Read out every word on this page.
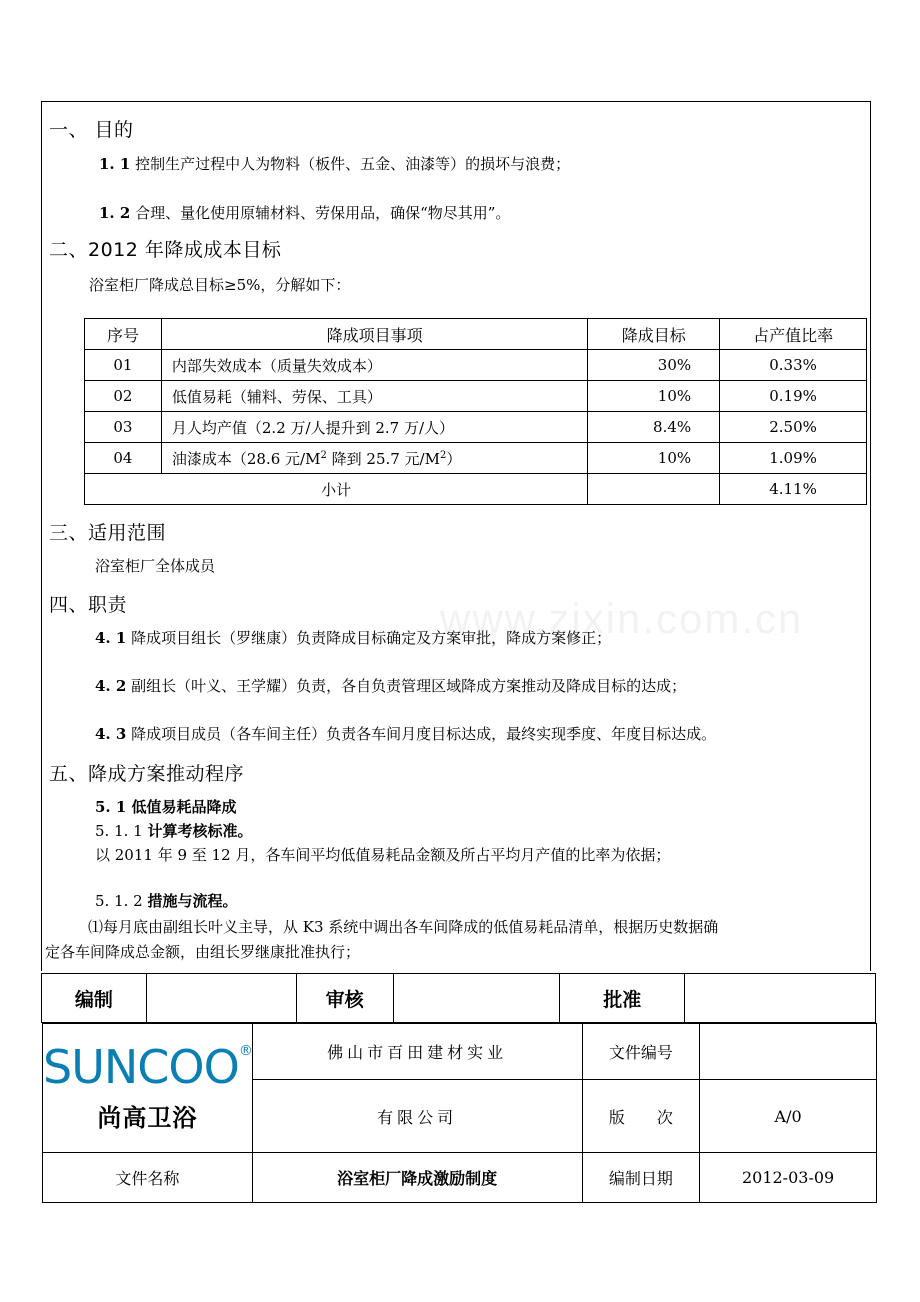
www.zixin.com.cn
一、 目的
1. 1 控制生产过程中人为物料（板件、五金、油漆等）的损坏与浪费；
1. 2 合理、量化使用原辅材料、劳保用品，确保“物尽其用”。
二、2012 年降成成本目标
浴室柜厂降成总目标≥5%，分解如下：
序号	降成项目事项	降成目标	占产值比率
01	内部失效成本（质量失效成本）	30%	0.33%
02	低值易耗（辅料、劳保、工具）	10%	0.19%
03	月人均产值（2.2 万/人提升到 2.7 万/人）	8.4%	2.50%
04	油漆成本（28.6 元$/M^2$ 降到 25.7 元$/M^2$）	10%	1.09%
小计			4.11%
三、适用范围
浴室柜厂全体成员
四、职责
4. 1 降成项目组长（罗继康）负责降成目标确定及方案审批，降成方案修正；
4. 2 副组长（叶义、王学耀）负责，各自负责管理区域降成方案推动及降成目标的达成；
4. 3 降成项目成员（各车间主任）负责各车间月度目标达成，最终实现季度、年度目标达成。
五、降成方案推动程序
5. 1 低值易耗品降成
5. 1. 1 计算考核标准。
以 2011 年 9 至 12 月，各车间平均低值易耗品金额及所占平均月产值的比率为依据；
5. 1. 2 措施与流程。
⑴每月底由副组长叶义主导，从 K3 系统中调出各车间降成的低值易耗品清单，根据历史数据确
定各车间降成总金额，由组长罗继康批准执行；
编制		审核		批准	
SUNCOO®
尚高卫浴	佛山市百田建材实业	文件编号	
	有限公司	版　　次	A/0
文件名称	浴室柜厂降成激励制度	编制日期	2012-03-09
